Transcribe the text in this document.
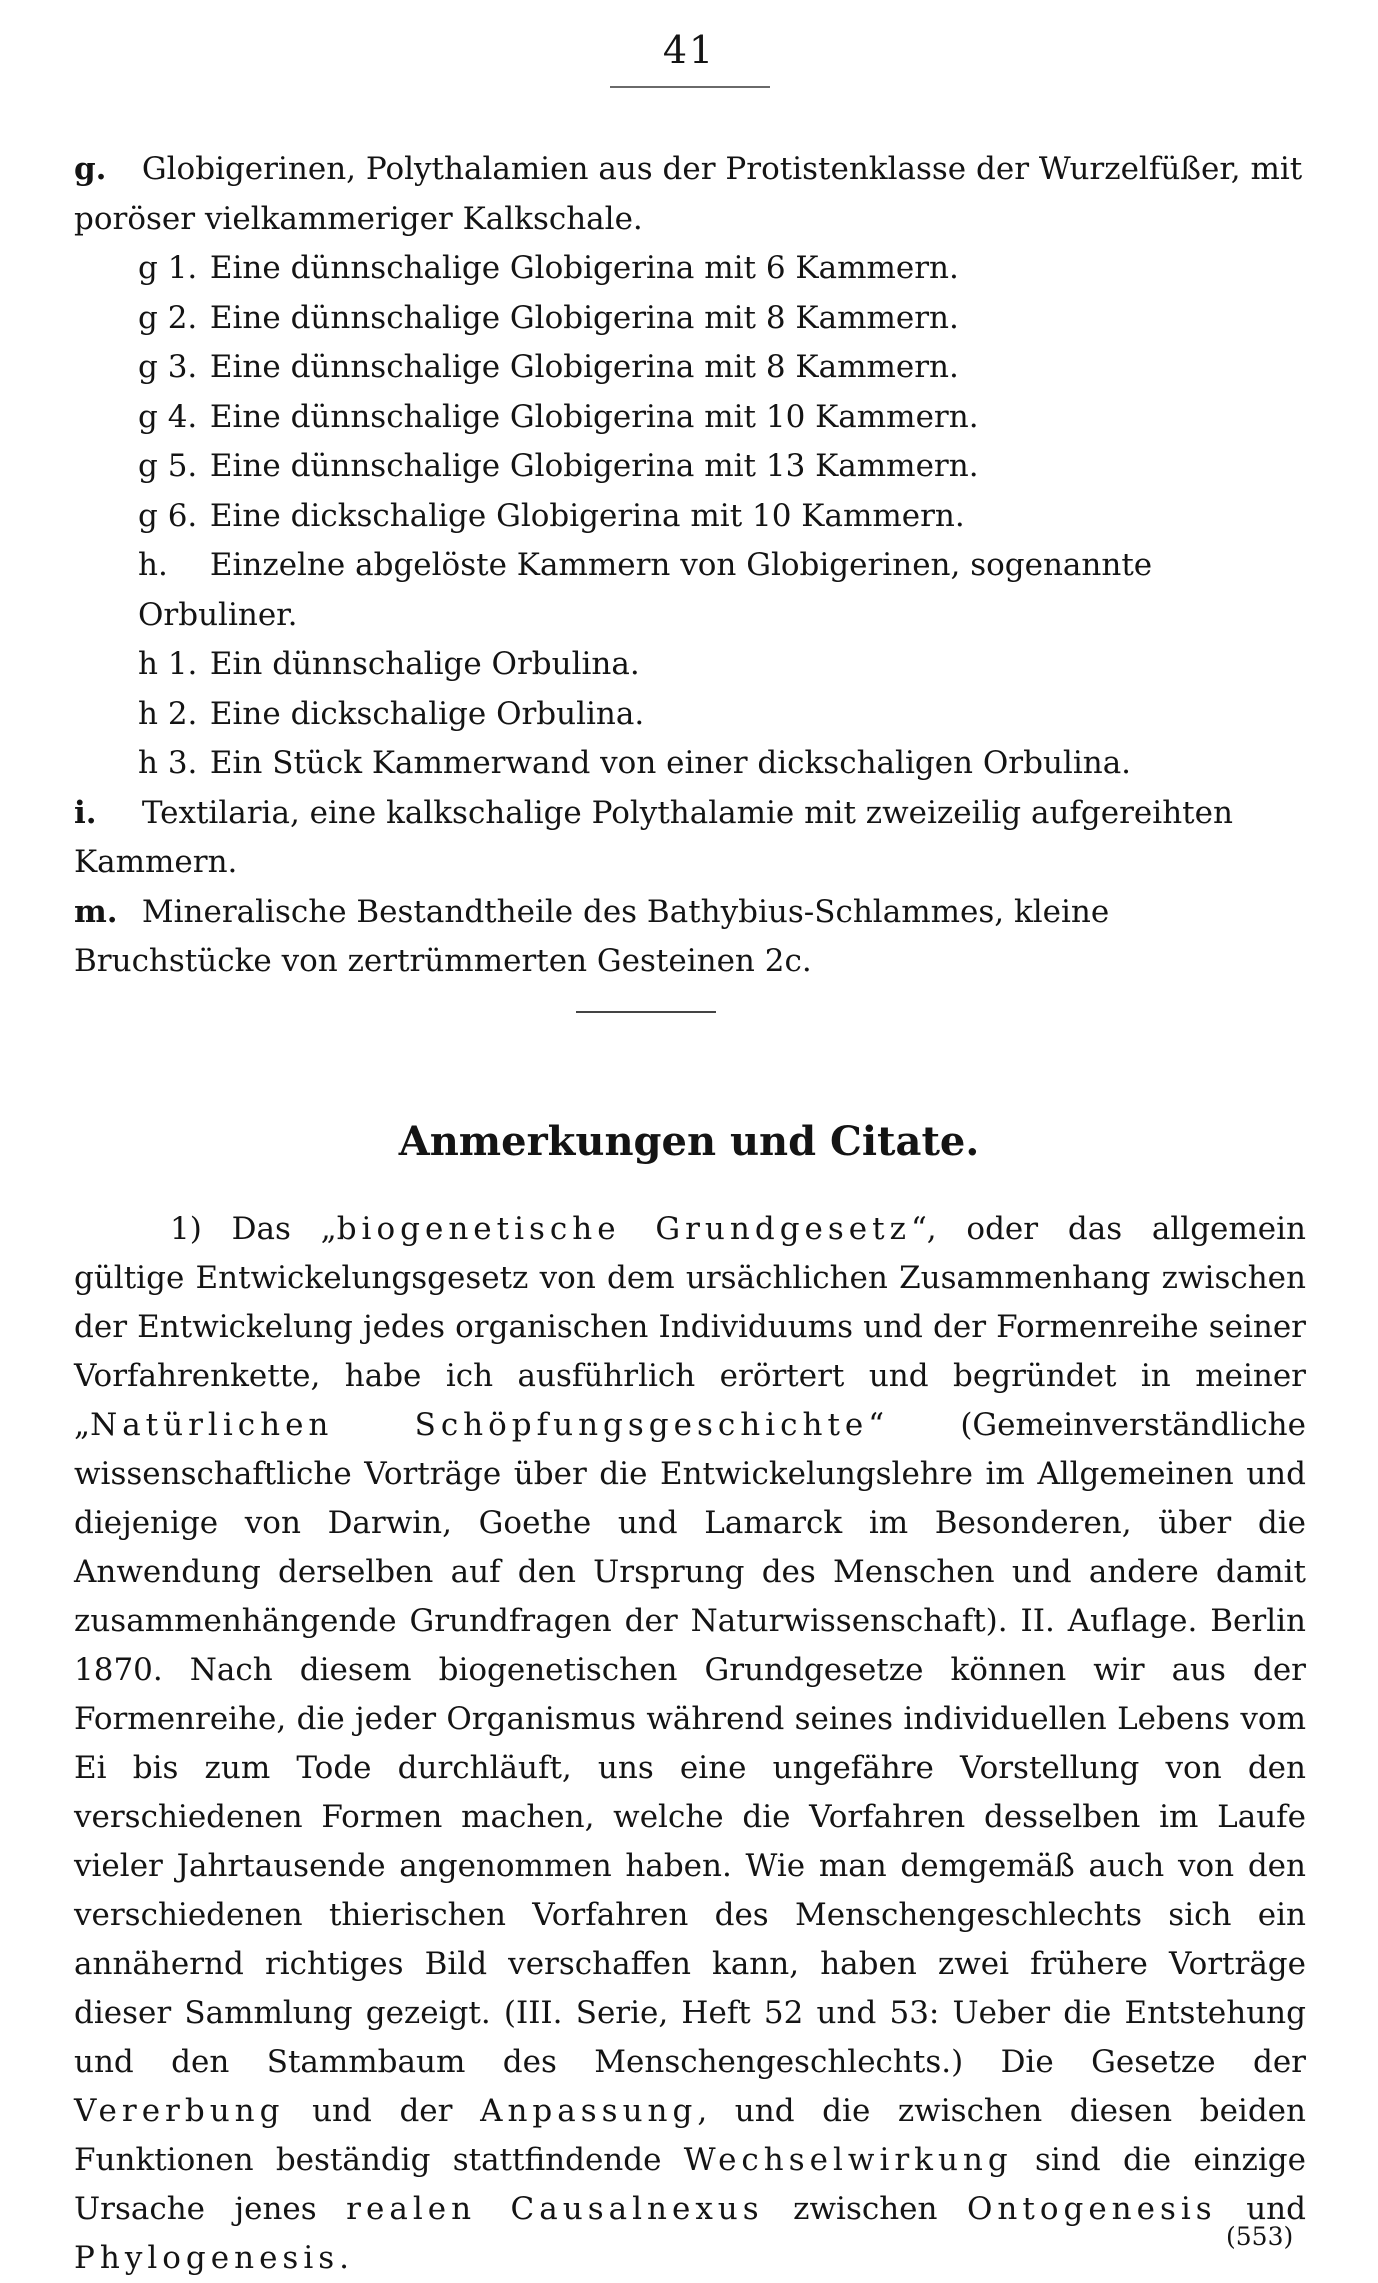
41

g. Globigerinen, Polythalamien aus der Protistenklasse der Wurzelfüßer, mit poröser vielkammeriger Kalkschale.

g 1. Eine dünnschalige Globigerina mit 6 Kammern.

g 2. Eine dünnschalige Globigerina mit 8 Kammern.

g 3. Eine dünnschalige Globigerina mit 8 Kammern.

g 4. Eine dünnschalige Globigerina mit 10 Kammern.

g 5. Eine dünnschalige Globigerina mit 13 Kammern.

g 6. Eine dickschalige Globigerina mit 10 Kammern.

h. Einzelne abgelöste Kammern von Globigerinen, sogenannte Orbuliner.

h 1. Ein dünnschalige Orbulina.

h 2. Eine dickschalige Orbulina.

h 3. Ein Stück Kammerwand von einer dickschaligen Orbulina.

i. Textilaria, eine kalkschalige Polythalamie mit zweizeilig aufgereihten Kammern.

m. Mineralische Bestandtheile des Bathybius-Schlammes, kleine Bruchstücke von zertrümmerten Gesteinen 2c.

Anmerkungen und Citate.

1) Das „biogenetische Grundgesetz“, oder das allgemein gültige Entwickelungsgesetz von dem ursächlichen Zusammenhang zwischen der Entwickelung jedes organischen Individuums und der Formenreihe seiner Vorfahrenkette, habe ich ausführlich erörtert und begründet in meiner „Natürlichen Schöpfungsgeschichte“ (Gemeinverständliche wissenschaftliche Vorträge über die Entwickelungslehre im Allgemeinen und diejenige von Darwin, Goethe und Lamarck im Besonderen, über die Anwendung derselben auf den Ursprung des Menschen und andere damit zusammenhängende Grundfragen der Naturwissenschaft). II. Auflage. Berlin 1870. Nach diesem biogenetischen Grundgesetze können wir aus der Formenreihe, die jeder Organismus während seines individuellen Lebens vom Ei bis zum Tode durchläuft, uns eine ungefähre Vorstellung von den verschiedenen Formen machen, welche die Vorfahren desselben im Laufe vieler Jahrtausende angenommen haben. Wie man demgemäß auch von den verschiedenen thierischen Vorfahren des Menschengeschlechts sich ein annähernd richtiges Bild verschaffen kann, haben zwei frühere Vorträge dieser Sammlung gezeigt. (III. Serie, Heft 52 und 53: Ueber die Entstehung und den Stammbaum des Menschengeschlechts.) Die Gesetze der Vererbung und der Anpassung, und die zwischen diesen beiden Funktionen beständig stattfindende Wechselwirkung sind die einzige Ursache jenes realen Causalnexus zwischen Ontogenesis und Phylogenesis.

(553)
